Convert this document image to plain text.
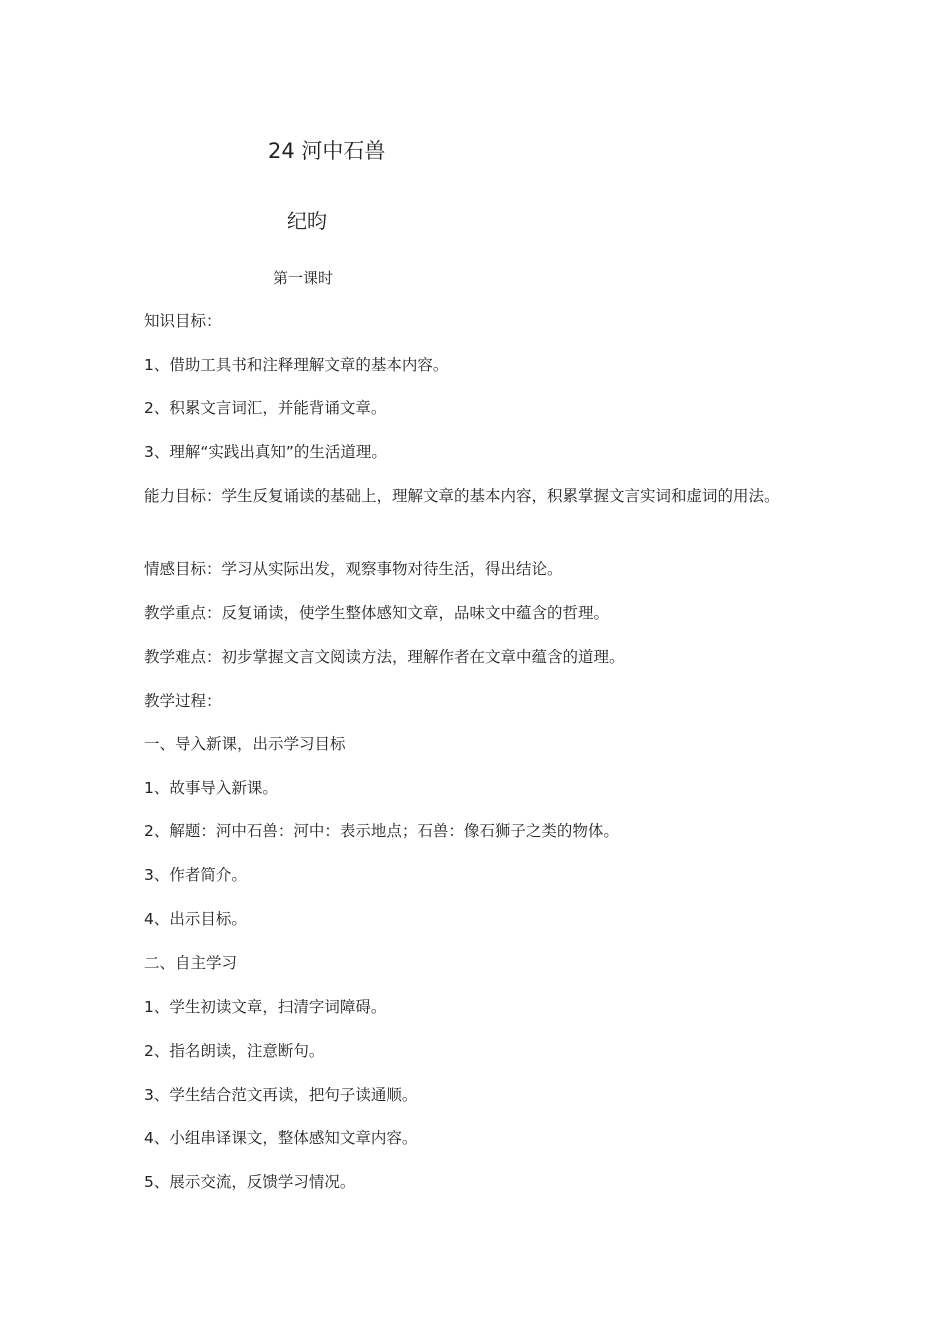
24 河中石兽
纪昀
第一课时
知识目标：
1、借助工具书和注释理解文章的基本内容。
2、积累文言词汇，并能背诵文章。
3、理解“实践出真知”的生活道理。
能力目标：学生反复诵读的基础上，理解文章的基本内容，积累掌握文言实词和虚词的用法。
情感目标：学习从实际出发，观察事物对待生活，得出结论。
教学重点：反复诵读，使学生整体感知文章，品味文中蕴含的哲理。
教学难点：初步掌握文言文阅读方法，理解作者在文章中蕴含的道理。
教学过程：
一、导入新课，出示学习目标
1、故事导入新课。
2、解题：河中石兽：河中：表示地点；石兽：像石狮子之类的物体。
3、作者简介。
4、出示目标。
二、自主学习
1、学生初读文章，扫清字词障碍。
2、指名朗读，注意断句。
3、学生结合范文再读，把句子读通顺。
4、小组串译课文，整体感知文章内容。
5、展示交流，反馈学习情况。
